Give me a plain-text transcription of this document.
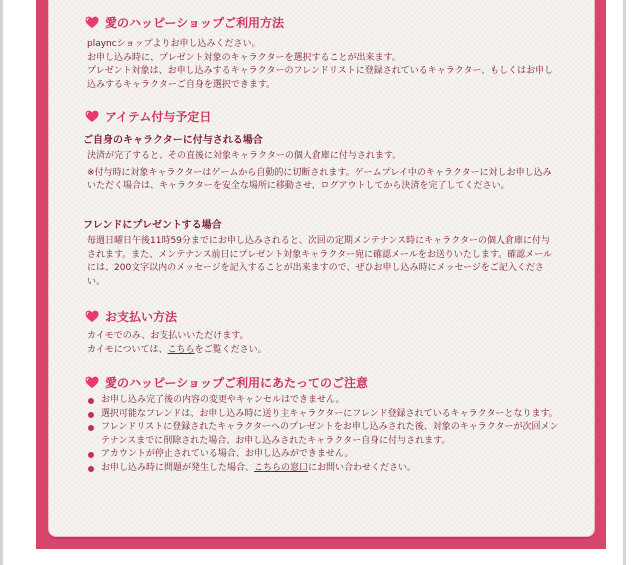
愛のハッピーショップご利用方法

playncショップよりお申し込みください。

お申し込み時に、プレゼント対象のキャラクターを選択することが出来ます。

プレゼント対象は、お申し込みするキャラクターのフレンドリストに登録されているキャラクター、もしくはお申し込みするキャラクターご自身を選択できます。

アイテム付与予定日
ご自身のキャラクターに付与される場合

決済が完了すると、その直後に対象キャラクターの個人倉庫に付与されます。

※付与時に対象キャラクターはゲームから自動的に切断されます。ゲームプレイ中のキャラクターに対しお申し込みいただく場合は、キャラクターを安全な場所に移動させ、ログアウトしてから決済を完了してください。

フレンドにプレゼントする場合

毎週日曜日午後11時59分までにお申し込みされると、次回の定期メンテナンス時にキャラクターの個人倉庫に付与されます。また、メンテナンス前日にプレゼント対象キャラクター宛に確認メールをお送りいたします。確認メールには、200文字以内のメッセージを記入することが出来ますので、ぜひお申し込み時にメッセージをご記入ください。

お支払い方法

カイモでのみ、お支払いいただけます。

カイモについては、こちらをご覧ください。

愛のハッピーショップご利用にあたってのご注意
お申し込み完了後の内容の変更やキャンセルはできません。
選択可能なフレンドは、お申し込み時に送り主キャラクターにフレンド登録されているキャラクターとなります。
フレンドリストに登録されたキャラクターへのプレゼントをお申し込みされた後、対象のキャラクターが次回メンテナンスまでに削除された場合、お申し込みされたキャラクター自身に付与されます。
アカウントが停止されている場合、お申し込みができません。
お申し込み時に問題が発生した場合、こちらの窓口にお問い合わせください。
